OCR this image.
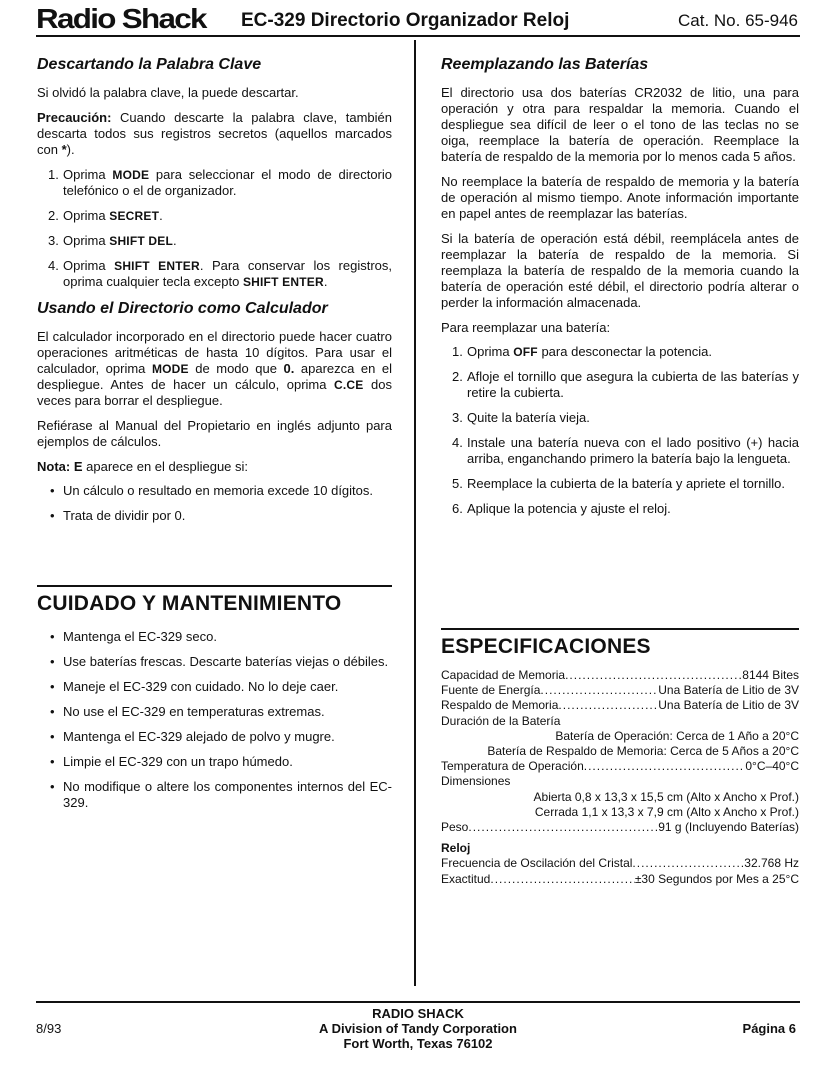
Radio Shack EC-329 Directorio Organizador Reloj	Cat. No. 65-946
Descartando la Palabra Clave

Si olvidó la palabra clave, la puede descartar.

Precaución: Cuando descarte la palabra clave, también descarta todos sus registros secretos (aquellos marcados con *).

1. Oprima MODE para seleccionar el modo de directorio telefónico o el de organizador.
2. Oprima SECRET.
3. Oprima SHIFT DEL.
4. Oprima SHIFT ENTER. Para conservar los registros, oprima cualquier tecla excepto SHIFT ENTER.
Usando el Directorio como Calculador

El calculador incorporado en el directorio puede hacer cuatro operaciones aritméticas de hasta 10 dígitos. Para usar el calculador, oprima MODE de modo que 0. aparezca en el despliegue. Antes de hacer un cálculo, oprima C.CE dos veces para borrar el despliegue.

Refiérase al Manual del Propietario en inglés adjunto para ejemplos de cálculos.

Nota: E aparece en el despliegue si:

• Un cálculo o resultado en memoria excede 10 dígitos.
• Trata de dividir por 0.
CUIDADO Y MANTENIMIENTO
• Mantenga el EC-329 seco.
• Use baterías frescas. Descarte baterías viejas o débiles.
• Maneje el EC-329 con cuidado. No lo deje caer.
• No use el EC-329 en temperaturas extremas.
• Mantenga el EC-329 alejado de polvo y mugre.
• Limpie el EC-329 con un trapo húmedo.
• No modifique o altere los componentes internos del EC-329.
Reemplazando las Baterías

El directorio usa dos baterías CR2032 de litio, una para operación y otra para respaldar la memoria. Cuando el despliegue sea difícil de leer o el tono de las teclas no se oiga, reemplace la batería de operación. Reemplace la batería de respaldo de la memoria por lo menos cada 5 años.

No reemplace la batería de respaldo de memoria y la batería de operación al mismo tiempo. Anote información importante en papel antes de reemplazar las baterías.

Si la batería de operación está débil, reemplácela antes de reemplazar la batería de respaldo de la memoria. Si reemplaza la batería de respaldo de la memoria cuando la batería de operación esté débil, el directorio podría alterar o perder la información almacenada.

Para reemplazar una batería:

1. Oprima OFF para desconectar la potencia.
2. Afloje el tornillo que asegura la cubierta de las baterías y retire la cubierta.
3. Quite la batería vieja.
4. Instale una batería nueva con el lado positivo (+) hacia arriba, enganchando primero la batería bajo la lengueta.
5. Reemplace la cubierta de la batería y apriete el tornillo.
6. Aplique la potencia y ajuste el reloj.
ESPECIFICACIONES
Capacidad de Memoria .....	8144 Bites
Fuente de Energía .....	Una Batería de Litio de 3V
Respaldo de Memoria .....	Una Batería de Litio de 3V
Duración de la Batería
Batería de Operación: Cerca de 1 Año a 20°C
Batería de Respaldo de Memoria: Cerca de 5 Años a 20°C
Temperatura de Operación .....	0°C–40°C
Dimensiones
Abierta 0,8 x 13,3 x 15,5 cm (Alto x Ancho x Prof.)
Cerrada 1,1 x 13,3 x 7,9 cm (Alto x Ancho x Prof.)
Peso .....	91 g (Incluyendo Baterías)
Reloj
Frecuencia de Oscilación del Cristal .....	32.768 Hz
Exactitud .....	±30 Segundos por Mes a 25°C
8/93
RADIO SHACK
A Division of Tandy Corporation
Fort Worth, Texas 76102
Página 6
